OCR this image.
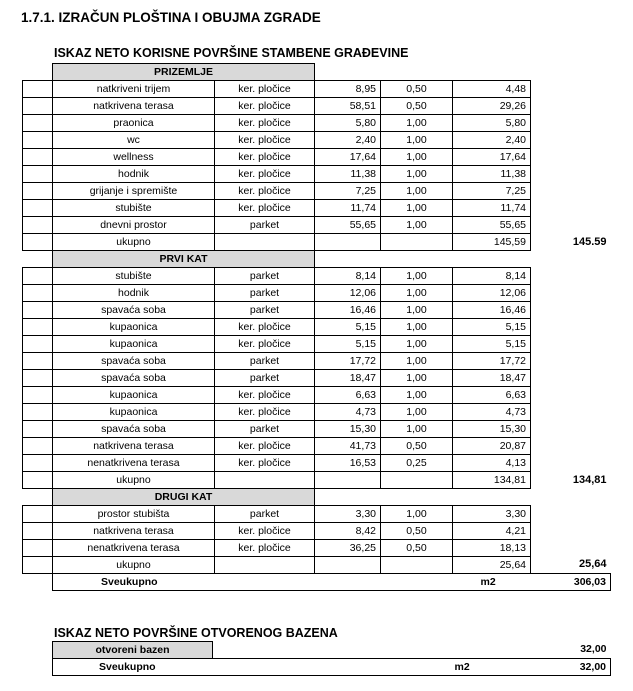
1.7.1. IZRAČUN PLOŠTINA I OBUJMA ZGRADE
ISKAZ NETO KORISNE POVRŠINE STAMBENE GRAĐEVINE
	PRIZEMLJE					
	natkriveni trijem	ker. pločice	8,95	0,50	4,48	
	natkrivena terasa	ker. pločice	58,51	0,50	29,26	
	praonica	ker. pločice	5,80	1,00	5,80	
	wc	ker. pločice	2,40	1,00	2,40	
	wellness	ker. pločice	17,64	1,00	17,64	
	hodnik	ker. pločice	11,38	1,00	11,38	
	grijanje i spremište	ker. pločice	7,25	1,00	7,25	
	stubište	ker. pločice	11,74	1,00	11,74	
	dnevni prostor	parket	55,65	1,00	55,65	
	ukupno				145,59	145.59
	PRVI KAT					
	stubište	parket	8,14	1,00	8,14	
	hodnik	parket	12,06	1,00	12,06	
	spavaća soba	parket	16,46	1,00	16,46	
	kupaonica	ker. pločice	5,15	1,00	5,15	
	kupaonica	ker. pločice	5,15	1,00	5,15	
	spavaća soba	parket	17,72	1,00	17,72	
	spavaća soba	parket	18,47	1,00	18,47	
	kupaonica	ker. pločice	6,63	1,00	6,63	
	kupaonica	ker. pločice	4,73	1,00	4,73	
	spavaća soba	parket	15,30	1,00	15,30	
	natkrivena terasa	ker. pločice	41,73	0,50	20,87	
	nenatkrivena terasa	ker. pločice	16,53	0,25	4,13	
	ukupno				134,81	134,81
	DRUGI KAT					
	prostor stubišta	parket	3,30	1,00	3,30	
	natkrivena terasa	ker. pločice	8,42	0,50	4,21	
	nenatkrivena terasa	ker. pločice	36,25	0,50	18,13	
	ukupno				25,64	25,64
	Sveukupno				m2	306,03
ISKAZ NETO POVRŠINE OTVORENOG BAZENA
otvoreni bazen			32,00
Sveukupno		m2	32,00
